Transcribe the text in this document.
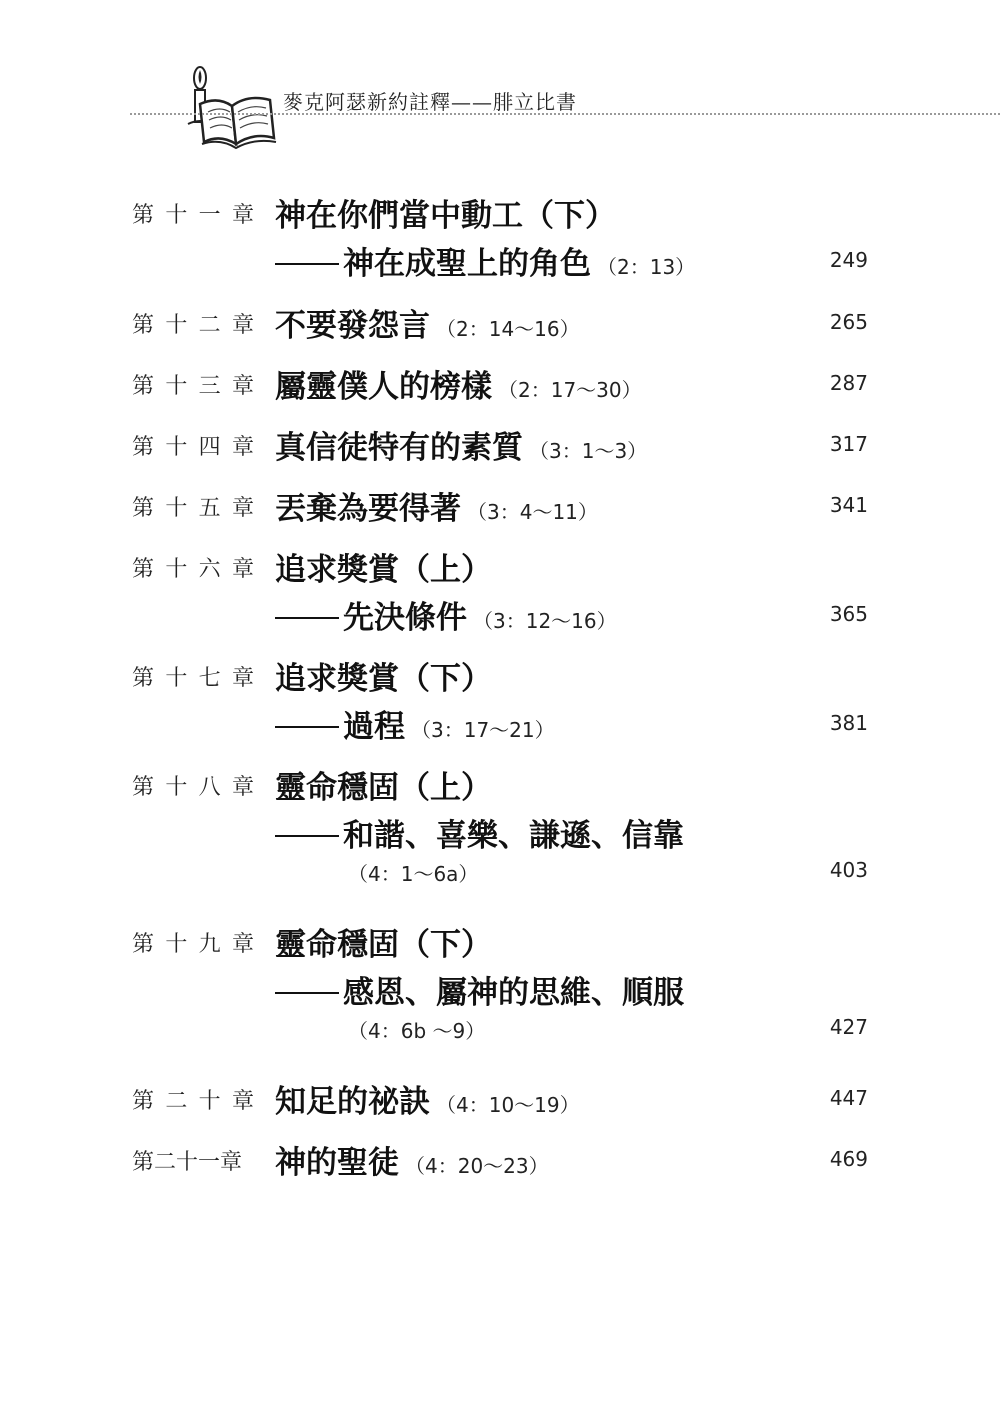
麥克阿瑟新約註釋——腓立比書
第 十 一 章 神在你們當中動工（下）
神在成聖上的角色 （2：13）	249
第 十 二 章 不要發怨言 （2：14～16）	265
第 十 三 章 屬靈僕人的榜樣 （2：17～30）	287
第 十 四 章 真信徒特有的素質 （3：1～3）	317
第 十 五 章 丟棄為要得著 （3：4～11）	341
第 十 六 章 追求獎賞（上）
先決條件 （3：12～16）	365
第 十 七 章 追求獎賞（下）
過程 （3：17～21）	381
第 十 八 章 靈命穩固（上）
和諧、喜樂、謙遜、信靠
（4：1～6a）	403
第 十 九 章 靈命穩固（下）
感恩、屬神的思維、順服
（4：6b ～9）	427
第 二 十 章 知足的祕訣 （4：10～19）	447
第二十一章 神的聖徒 （4：20～23）	469
